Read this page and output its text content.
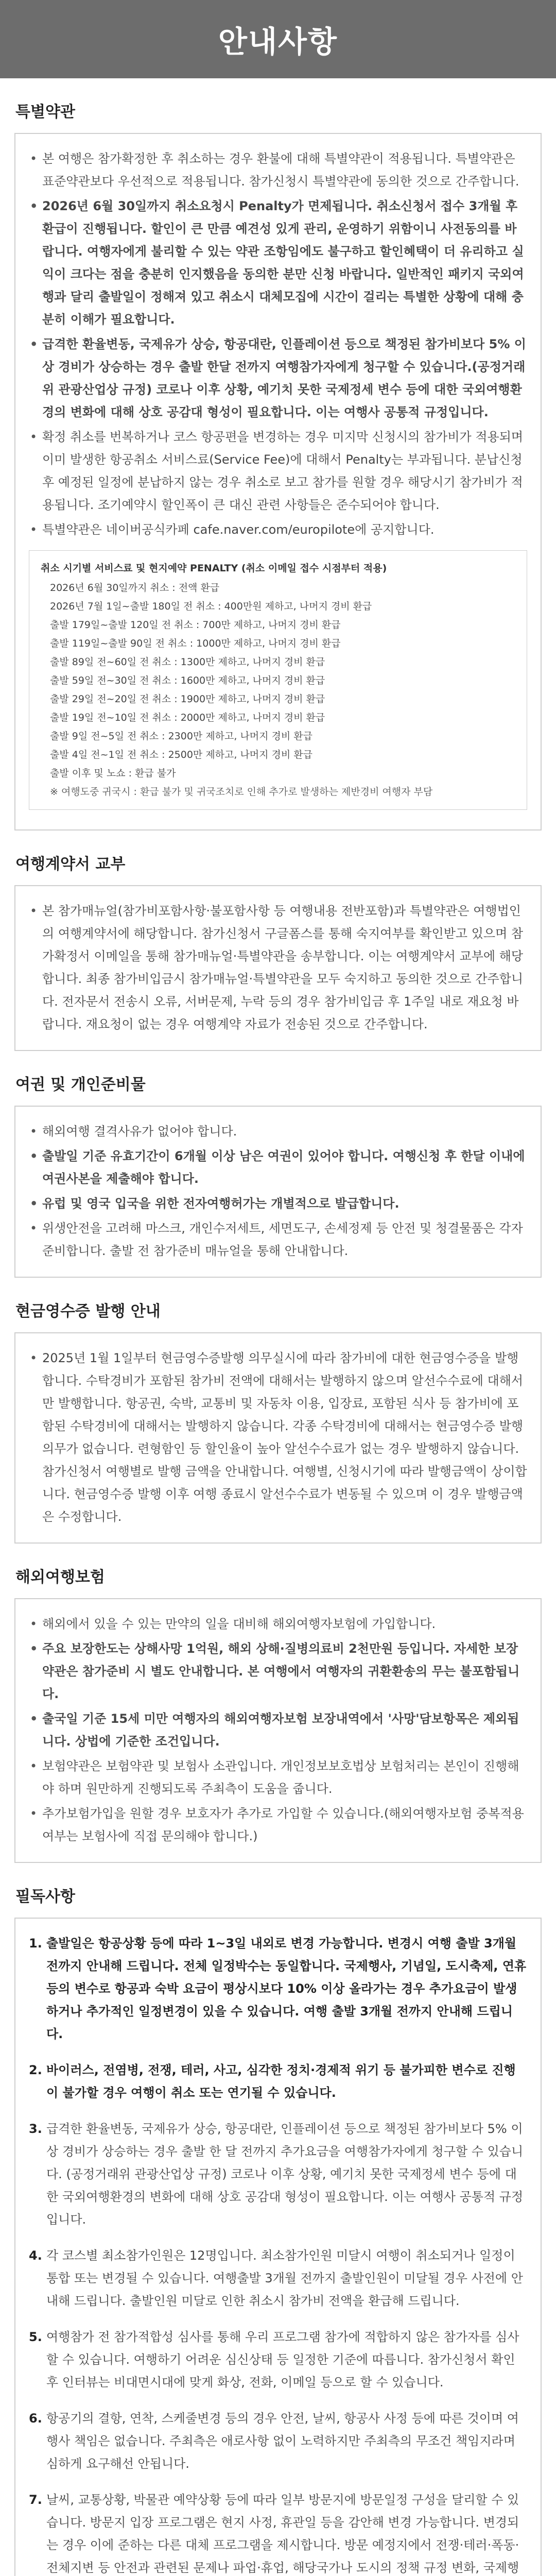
안내사항
특별약관
• 본 여행은 참가확정한 후 취소하는 경우 환불에 대해 특별약관이 적용됩니다. 특별약관은 표준약관보다 우선적으로 적용됩니다. 참가신청시 특별약관에 동의한 것으로 간주합니다.
• 2026년 6월 30일까지 취소요청시 Penalty가 면제됩니다. 취소신청서 접수 3개월 후 환급이 진행됩니다. 할인이 큰 만큼 예견성 있게 관리, 운영하기 위함이니 사전동의를 바랍니다. 여행자에게 불리할 수 있는 약관 조항임에도 불구하고 할인혜택이 더 유리하고 실익이 크다는 점을 충분히 인지했음을 동의한 분만 신청 바랍니다. 일반적인 패키지 국외여행과 달리 출발일이 정해져 있고 취소시 대체모집에 시간이 걸리는 특별한 상황에 대해 충분히 이해가 필요합니다.
• 급격한 환율변동, 국제유가 상승, 항공대란, 인플레이션 등으로 책정된 참가비보다 5% 이상 경비가 상승하는 경우 출발 한달 전까지 여행참가자에게 청구할 수 있습니다.(공정거래위 관광산업상 규정) 코로나 이후 상황, 예기치 못한 국제정세 변수 등에 대한 국외여행환경의 변화에 대해 상호 공감대 형성이 필요합니다. 이는 여행사 공통적 규정입니다.
• 확정 취소를 번복하거나 코스 항공편을 변경하는 경우 미지막 신청시의 참가비가 적용되며 이미 발생한 항공취소 서비스료(Service Fee)에 대해서 Penalty는 부과됩니다. 분납신청 후 예정된 일정에 분납하지 않는 경우 취소로 보고 참가를 원할 경우 해당시기 참가비가 적용됩니다. 조기예약시 할인폭이 큰 대신 관련 사항들은 준수되어야 합니다.
• 특별약관은 네이버공식카페 cafe.naver.com/europilote에 공지합니다.
취소 시기별 서비스료 및 현지예약 PENALTY (취소 이메일 접수 시점부터 적용)
2026년 6월 30일까지 취소 : 전액 환급
2026년 7월 1일~출발 180일 전 취소 : 400만원 제하고, 나머지 경비 환급
출발 179일~출발 120일 전 취소 : 700만 제하고, 나머지 경비 환급
출발 119일~출발 90일 전 취소 : 1000만 제하고, 나머지 경비 환급
출발 89일 전~60일 전 취소 : 1300만 제하고, 나머지 경비 환급
출발 59일 전~30일 전 취소 : 1600만 제하고, 나머지 경비 환급
출발 29일 전~20일 전 취소 : 1900만 제하고, 나머지 경비 환급
출발 19일 전~10일 전 취소 : 2000만 제하고, 나머지 경비 환급
출발 9일 전~5일 전 취소 : 2300만 제하고, 나머지 경비 환급
출발 4일 전~1일 전 취소 : 2500만 제하고, 나머지 경비 환급
출발 이후 및 노쇼 : 환급 불가
※ 여행도중 귀국시 : 환급 불가 및 귀국조치로 인해 추가로 발생하는 제반경비 여행자 부담
여행계약서 교부
• 본 참가매뉴얼(참가비포함사항·불포함사항 등 여행내용 전반포함)과 특별약관은 여행법인의 여행계약서에 해당합니다. 참가신청서 구글폼스를 통해 숙지여부를 확인받고 있으며 참가확정서 이메일을 통해 참가매뉴얼·특별약관을 송부합니다. 이는 여행계약서 교부에 해당합니다. 최종 참가비입금시 참가매뉴얼·특별약관을 모두 숙지하고 동의한 것으로 간주합니다. 전자문서 전송시 오류, 서버문제, 누락 등의 경우 참가비입금 후 1주일 내로 재요청 바랍니다. 재요청이 없는 경우 여행계약 자료가 전송된 것으로 간주합니다.
여권 및 개인준비물
• 해외여행 결격사유가 없어야 합니다.
• 출발일 기준 유효기간이 6개월 이상 남은 여권이 있어야 합니다. 여행신청 후 한달 이내에 여권사본을 제출해야 합니다.
• 유럽 및 영국 입국을 위한 전자여행허가는 개별적으로 발급합니다.
• 위생안전을 고려해 마스크, 개인수저세트, 세면도구, 손세정제 등 안전 및 청결물품은 각자 준비합니다. 출발 전 참가준비 매뉴얼을 통해 안내합니다.
현금영수증 발행 안내
• 2025년 1월 1일부터 현금영수증발행 의무실시에 따라 참가비에 대한 현금영수증을 발행합니다. 수탁경비가 포함된 참가비 전액에 대해서는 발행하지 않으며 알선수수료에 대해서만 발행합니다. 항공권, 숙박, 교통비 및 자동차 이용, 입장료, 포함된 식사 등 참가비에 포함된 수탁경비에 대해서는 발행하지 않습니다. 각종 수탁경비에 대해서는 현금영수증 발행 의무가 없습니다. 련형함인 등 할인율이 높아 알선수수료가 없는 경우 발행하지 않습니다. 참가신청서 여행별로 발행 금액을 안내합니다. 여행별, 신청시기에 따라 발행금액이 상이합니다. 현금영수증 발행 이후 여행 종료시 알선수수료가 변동될 수 있으며 이 경우 발행금액은 수정합니다.
해외여행보험
• 해외에서 있을 수 있는 만약의 일을 대비해 해외여행자보험에 가입합니다.
• 주요 보장한도는 상해사망 1억원, 해외 상해·질병의료비 2천만원 등입니다. 자세한 보장약관은 참가준비 시 별도 안내합니다. 본 여행에서 여행자의 귀환환송의 무는 불포함됩니다.
• 출국일 기준 15세 미만 여행자의 해외여행자보험 보장내역에서 '사망'담보항목은 제외됩니다. 상법에 기준한 조건입니다.
• 보험약관은 보험약관 및 보험사 소관입니다. 개인정보보호법상 보험처리는 본인이 진행해야 하며 원만하게 진행되도록 주최측이 도움을 줍니다.
• 추가보험가입을 원할 경우 보호자가 추가로 가입할 수 있습니다.(해외여행자보험 중복적용 여부는 보험사에 직접 문의해야 합니다.)
필독사항
1. 출발일은 항공상황 등에 따라 1~3일 내외로 변경 가능합니다. 변경시 여행 출발 3개월 전까지 안내해 드립니다. 전체 일정박수는 동일합니다. 국제행사, 기념일, 도시축제, 연휴 등의 변수로 항공과 숙박 요금이 평상시보다 10% 이상 올라가는 경우 추가요금이 발생하거나 추가적인 일정변경이 있을 수 있습니다. 여행 출발 3개월 전까지 안내해 드립니다.
2. 바이러스, 전염병, 전쟁, 테러, 사고, 심각한 정치·경제적 위기 등 불가피한 변수로 진행이 불가할 경우 여행이 취소 또는 연기될 수 있습니다.
3. 급격한 환율변동, 국제유가 상승, 항공대란, 인플레이션 등으로 책정된 참가비보다 5% 이상 경비가 상승하는 경우 출발 한 달 전까지 추가요금을 여행참가자에게 청구할 수 있습니다. (공정거래위 관광산업상 규정) 코로나 이후 상황, 예기치 못한 국제정세 변수 등에 대한 국외여행환경의 변화에 대해 상호 공감대 형성이 필요합니다. 이는 여행사 공통적 규정입니다.
4. 각 코스별 최소참가인원은 12명입니다. 최소참가인원 미달시 여행이 취소되거나 일정이 통합 또는 변경될 수 있습니다. 여행출발 3개월 전까지 출발인원이 미달될 경우 사전에 안내해 드립니다. 출발인원 미달로 인한 취소시 참가비 전액을 환급해 드립니다.
5. 여행참가 전 참가적합성 심사를 통해 우리 프로그램 참가에 적합하지 않은 참가자를 심사할 수 있습니다. 여행하기 어려운 심신상태 등 일정한 기준에 따릅니다. 참가신청서 확인 후 인터뷰는 비대면시대에 맞게 화상, 전화, 이메일 등으로 할 수 있습니다.
6. 항공기의 결항, 연착, 스케줄변경 등의 경우 안전, 날씨, 항공사 사정 등에 따른 것이며 여행사 책임은 없습니다. 주최측은 애로사항 없이 노력하지만 주최측의 무조건 책임지라며 심하게 요구해선 안됩니다.
7. 날씨, 교통상황, 박물관 예약상황 등에 따라 일부 방문지에 방문일정 구성을 달리할 수 있습니다. 방문지 입장 프로그램은 현지 사정, 휴관일 등을 감안해 변경 가능합니다. 변경되는 경우 이에 준하는 다른 대체 프로그램을 제시합니다. 방문 예정지에서 전쟁·테러·폭동·전체지변 등 안전과 관련된 문제나 파업·휴업, 해당국가나 도시의 정책 규정 변화, 국제행
